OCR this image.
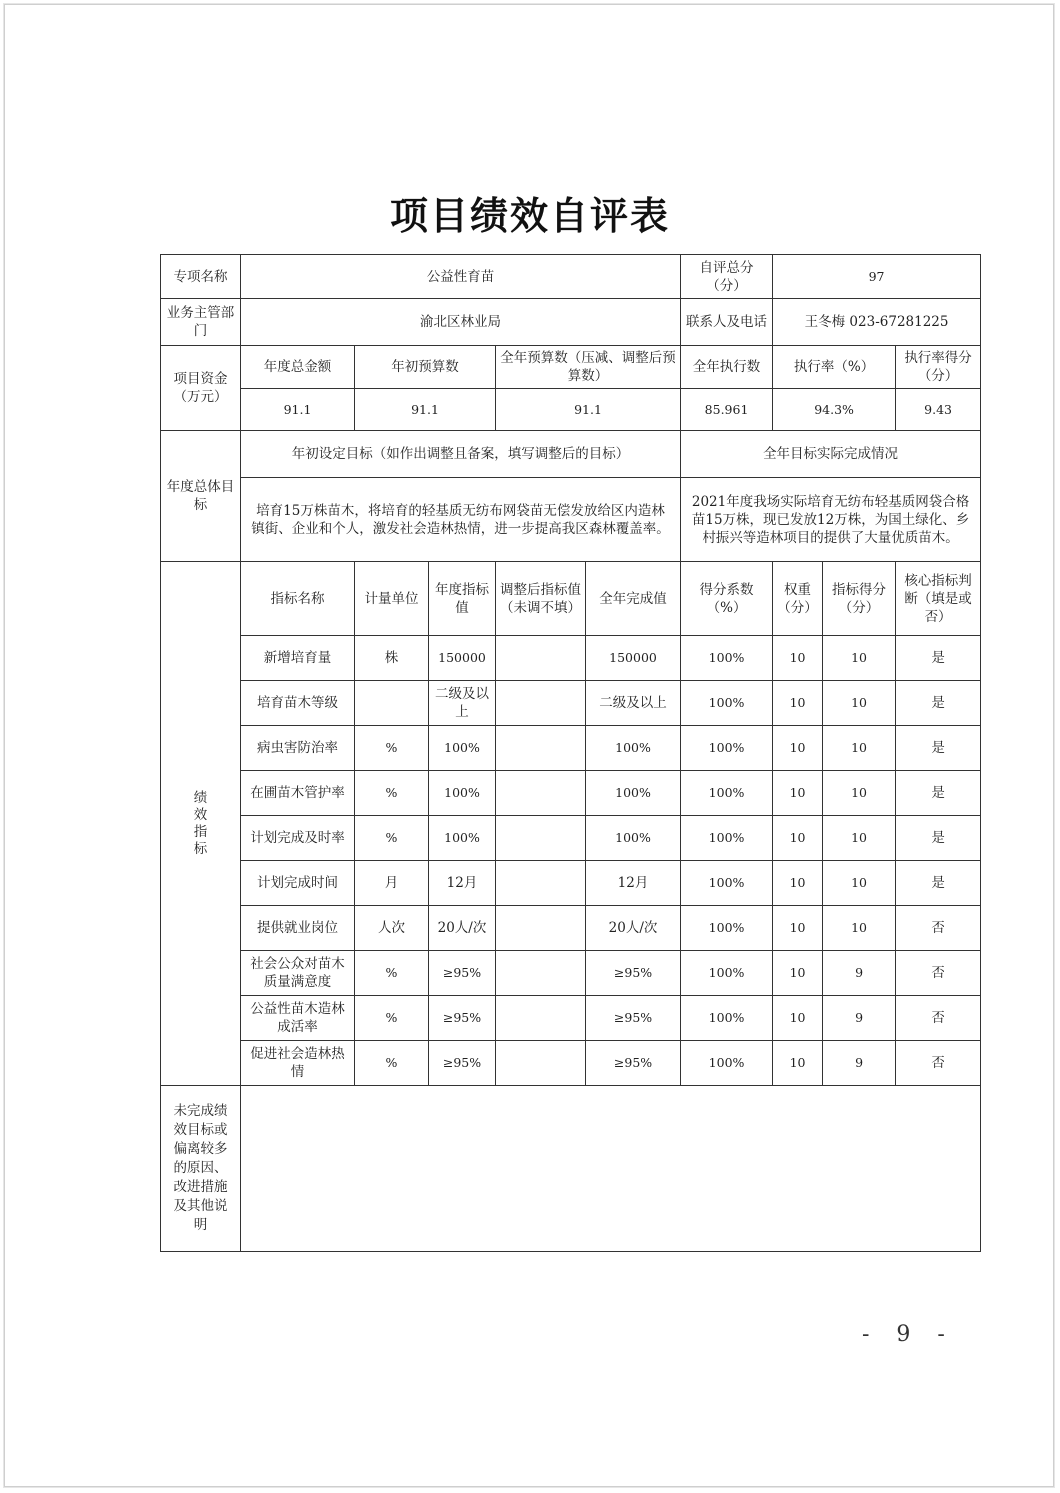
项目绩效自评表
专项名称	公益性育苗					自评总分（分）	97		
业务主管部门	渝北区林业局					联系人及电话	王冬梅 023-67281225		
项目资金（万元）	年度总金额	年初预算数		全年预算数（压减、调整后预算数）		全年执行数	执行率（%）		执行率得分（分）
	91.1	91.1		91.1		85.961	94.3%		9.43
年度总体目标	年初设定目标（如作出调整且备案，填写调整后的目标）					全年目标实际完成情况			
	培育15万株苗木，将培育的轻基质无纺布网袋苗无偿发放给区内造林镇街、企业和个人，激发社会造林热情，进一步提高我区森林覆盖率。					2021年度我场实际培育无纺布轻基质网袋合格苗15万株，现已发放12万株，为国土绿化、乡村振兴等造林项目的提供了大量优质苗木。			

绩效指标	指标名称	计量单位	年度指标值	调整后指标值（未调不填）	全年完成值	得分系数（%）	权重（分）	指标得分（分）	核心指标判断（填是或否）
	新增培育量	株	150000		150000	100%	10	10	是
	培育苗木等级		二级及以上		二级及以上	100%	10	10	是
	病虫害防治率	%	100%		100%	100%	10	10	是
	在圃苗木管护率	%	100%		100%	100%	10	10	是
	计划完成及时率	%	100%		100%	100%	10	10	是
	计划完成时间	月	12月		12月	100%	10	10	是
	提供就业岗位	人次	20人/次		20人/次	100%	10	10	否
	社会公众对苗木质量满意度	%	≥95%		≥95%	100%	10	9	否
	公益性苗木造林成活率	%	≥95%		≥95%	100%	10	9	否
	促进社会造林热情	%	≥95%		≥95%	100%	10	9	否

未完成绩效目标或偏离较多的原因、改进措施及其他说明									

- 9 -
